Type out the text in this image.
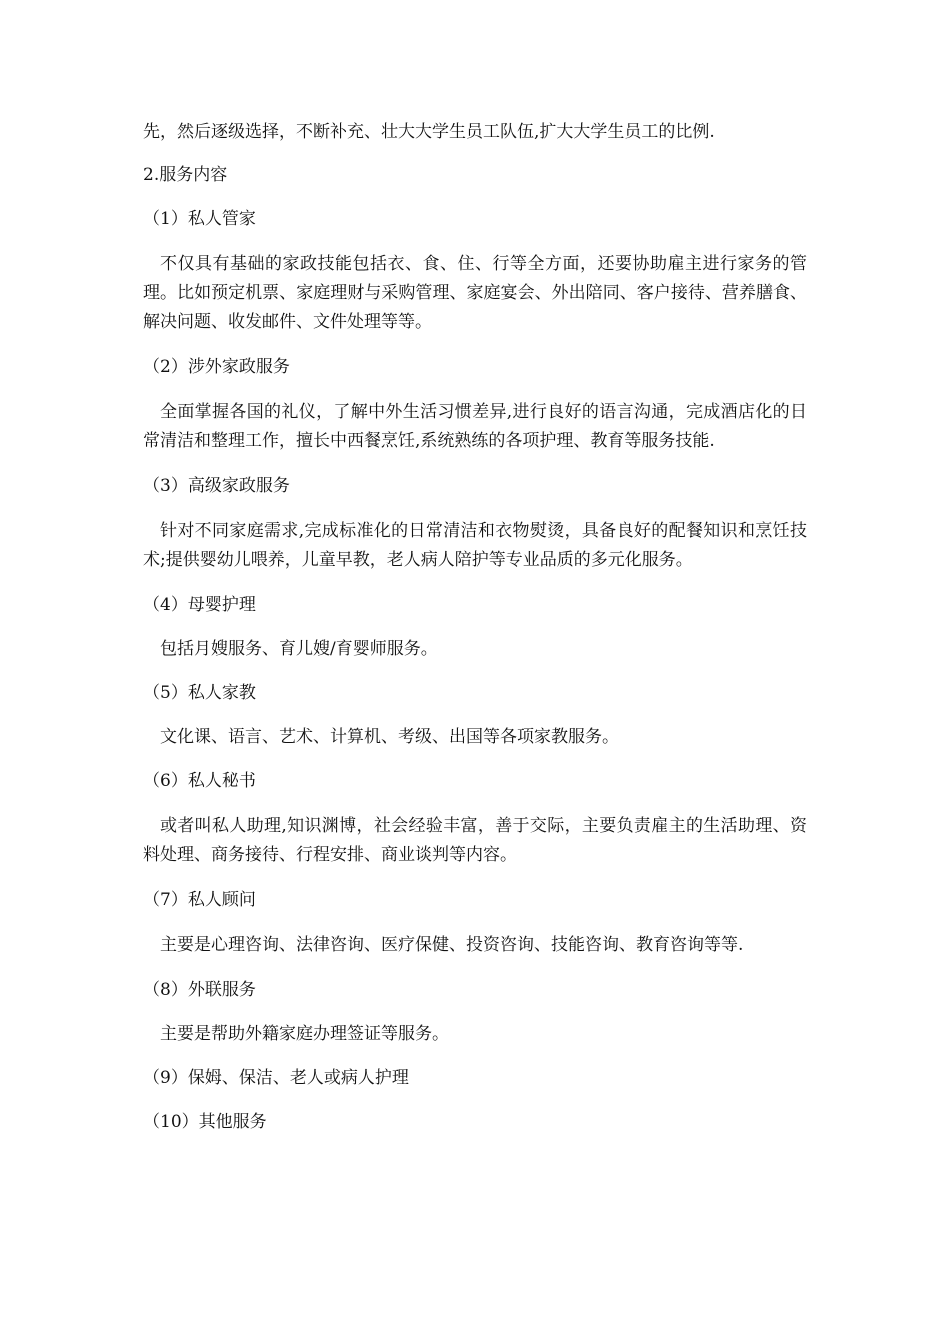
先，然后逐级选择，不断补充、壮大大学生员工队伍,扩大大学生员工的比例.

2.服务内容

（1）私人管家

不仅具有基础的家政技能包括衣、食、住、行等全方面，还要协助雇主进行家务的管理。比如预定机票、家庭理财与采购管理、家庭宴会、外出陪同、客户接待、营养膳食、解决问题、收发邮件、文件处理等等。

（2）涉外家政服务

全面掌握各国的礼仪，了解中外生活习惯差异,进行良好的语言沟通，完成酒店化的日常清洁和整理工作，擅长中西餐烹饪,系统熟练的各项护理、教育等服务技能.

（3）高级家政服务

针对不同家庭需求,完成标准化的日常清洁和衣物熨烫，具备良好的配餐知识和烹饪技术;提供婴幼儿喂养，儿童早教，老人病人陪护等专业品质的多元化服务。

（4）母婴护理

包括月嫂服务、育儿嫂/育婴师服务。

（5）私人家教

文化课、语言、艺术、计算机、考级、出国等各项家教服务。

（6）私人秘书

或者叫私人助理,知识渊博，社会经验丰富，善于交际，主要负责雇主的生活助理、资料处理、商务接待、行程安排、商业谈判等内容。

（7）私人顾问

主要是心理咨询、法律咨询、医疗保健、投资咨询、技能咨询、教育咨询等等.

（8）外联服务

主要是帮助外籍家庭办理签证等服务。

（9）保姆、保洁、老人或病人护理

（10）其他服务
